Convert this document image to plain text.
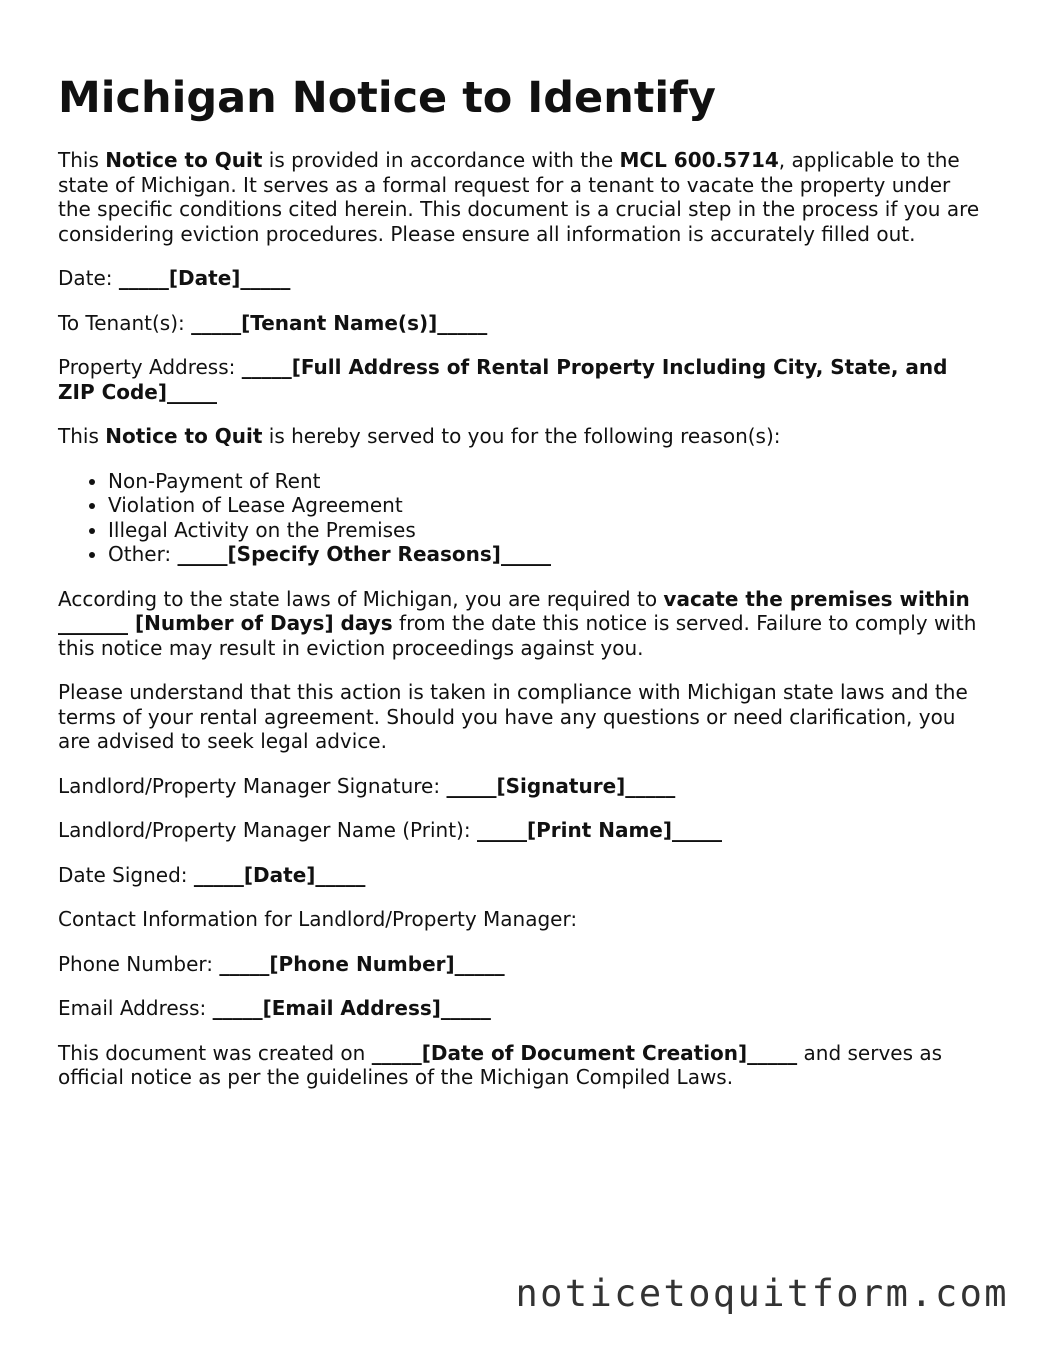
Michigan Notice to Identify

This Notice to Quit is provided in accordance with the MCL 600.5714, applicable to the state of Michigan. It serves as a formal request for a tenant to vacate the property under the specific conditions cited herein. This document is a crucial step in the process if you are considering eviction procedures. Please ensure all information is accurately filled out.

Date: _____[Date]_____

To Tenant(s): _____[Tenant Name(s)]_____

Property Address: _____[Full Address of Rental Property Including City, State, and ZIP Code]_____

This Notice to Quit is hereby served to you for the following reason(s):

• Non-Payment of Rent
• Violation of Lease Agreement
• Illegal Activity on the Premises
• Other: _____[Specify Other Reasons]_____

According to the state laws of Michigan, you are required to vacate the premises within _______ [Number of Days] days from the date this notice is served. Failure to comply with this notice may result in eviction proceedings against you.

Please understand that this action is taken in compliance with Michigan state laws and the terms of your rental agreement. Should you have any questions or need clarification, you are advised to seek legal advice.

Landlord/Property Manager Signature: _____[Signature]_____

Landlord/Property Manager Name (Print): _____[Print Name]_____

Date Signed: _____[Date]_____

Contact Information for Landlord/Property Manager:

Phone Number: _____[Phone Number]_____

Email Address: _____[Email Address]_____

This document was created on _____[Date of Document Creation]_____ and serves as official notice as per the guidelines of the Michigan Compiled Laws.

noticetoquitform.com
